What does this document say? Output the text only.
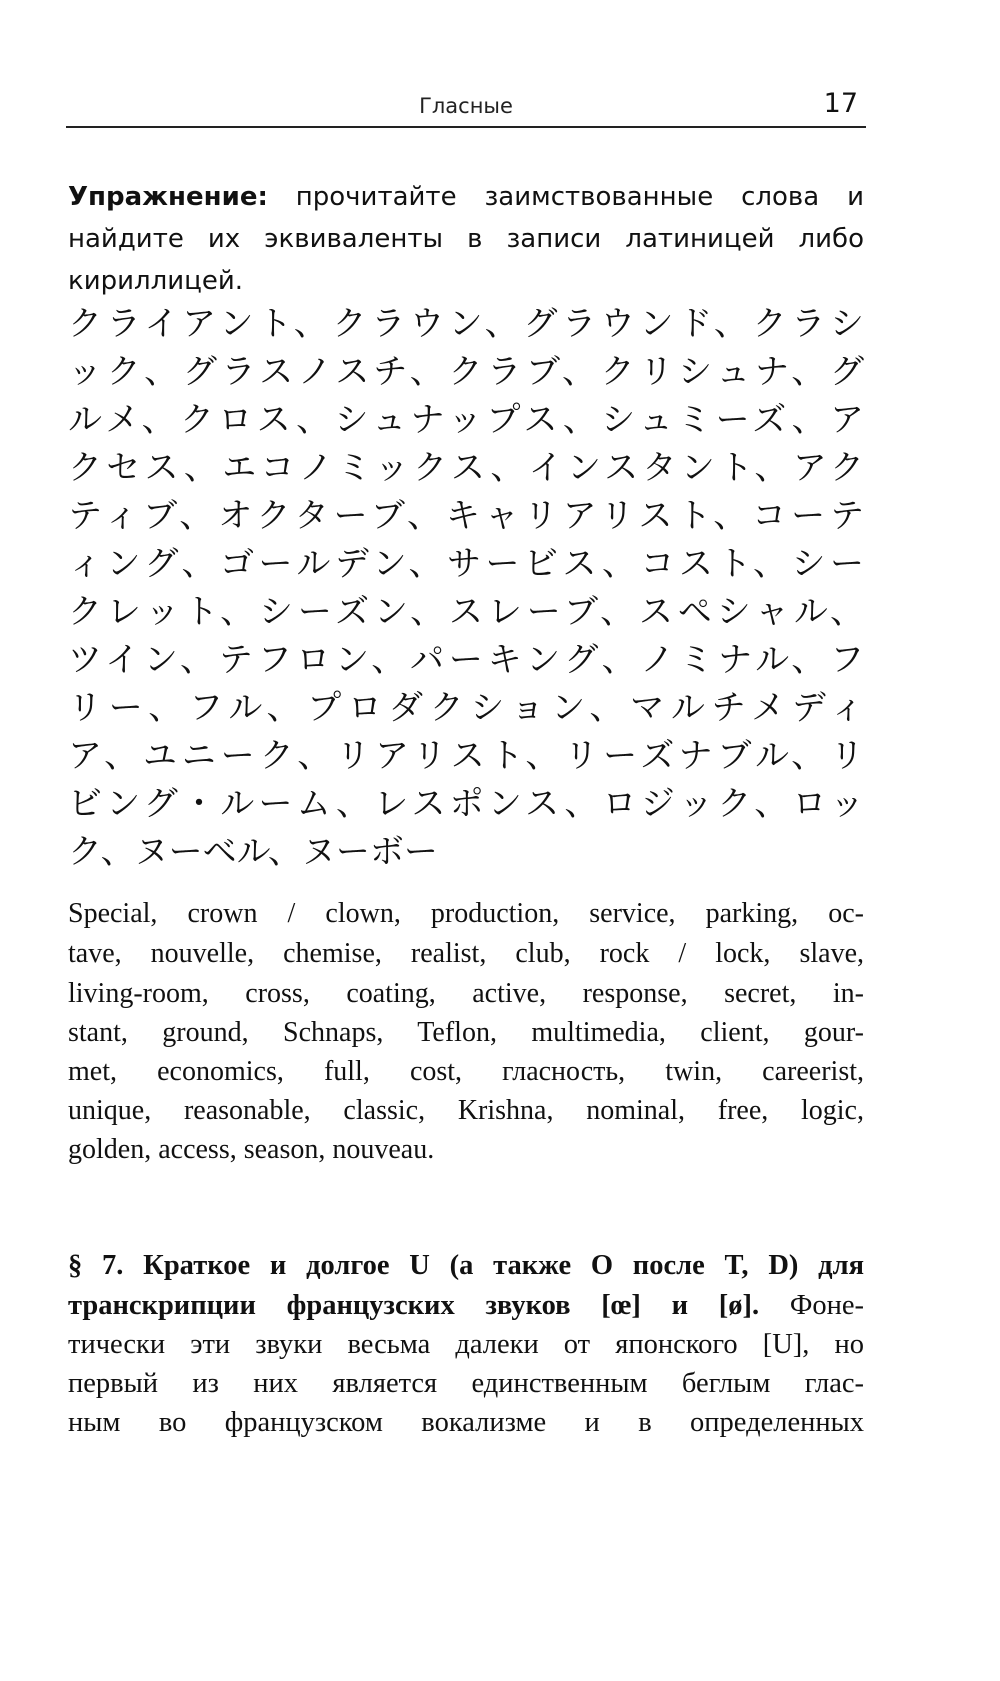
Гласные	17
Упражнение: прочитайте заимствованные слова и найдите их эквиваленты в записи латиницей либо кириллицей.
クライアント、クラウン、グラウンド、クラシ
ック、グラスノスチ、クラブ、クリシュナ、グ
ルメ、クロス、シュナップス、シュミーズ、ア
クセス、エコノミックス、インスタント、アク
ティブ、オクターブ、キャリアリスト、コーテ
ィング、ゴールデン、サービス、コスト、シー
クレット、シーズン、スレーブ、スペシャル、
ツイン、テフロン、パーキング、ノミナル、フ
リー、フル、プロダクション、マルチメディ
ア、ユニーク、リアリスト、リーズナブル、リ
ビング・ルーム、レスポンス、ロジック、ロッ
ク、ヌーベル、ヌーボー
Special, crown / clown, production, service, parking, oc-
tave, nouvelle, chemise, realist, club, rock / lock, slave,
living-room, cross, coating, active, response, secret, in-
stant, ground, Schnaps, Teflon, multimedia, client, gour-
met, economics, full, cost, гласность, twin, careerist,
unique, reasonable, classic, Krishna, nominal, free, logic,
golden, access, season, nouveau.
§ 7. Краткое и долгое U (а также O после T, D) для
транскрипции французских звуков [œ] и [ø]. Фоне-
тически эти звуки весьма далеки от японского [U], но
первый из них является единственным беглым глас-
ным во французском вокализме и в определенных
